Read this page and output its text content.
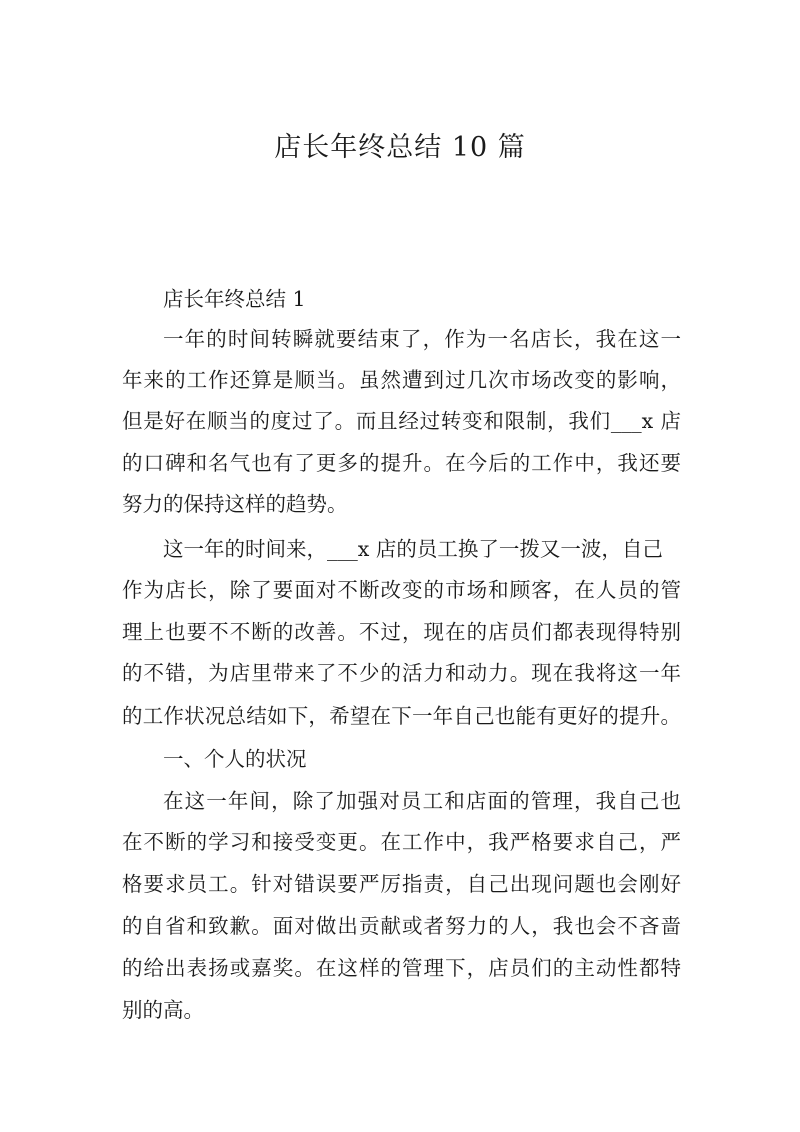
店长年终总结 10 篇

店长年终总结 1

一年的时间转瞬就要结束了，作为一名店长，我在这一

年来的工作还算是顺当。虽然遭到过几次市场改变的影响，

但是好在顺当的度过了。而且经过转变和限制，我们___x 店

的口碑和名气也有了更多的提升。在今后的工作中，我还要

努力的保持这样的趋势。

这一年的时间来，___x 店的员工换了一拨又一波，自己

作为店长，除了要面对不断改变的市场和顾客，在人员的管

理上也要不不断的改善。不过，现在的店员们都表现得特别

的不错，为店里带来了不少的活力和动力。现在我将这一年

的工作状况总结如下，希望在下一年自己也能有更好的提升。

一、个人的状况

在这一年间，除了加强对员工和店面的管理，我自己也

在不断的学习和接受变更。在工作中，我严格要求自己，严

格要求员工。针对错误要严厉指责，自己出现问题也会刚好

的自省和致歉。面对做出贡献或者努力的人，我也会不吝啬

的给出表扬或嘉奖。在这样的管理下，店员们的主动性都特

别的高。
